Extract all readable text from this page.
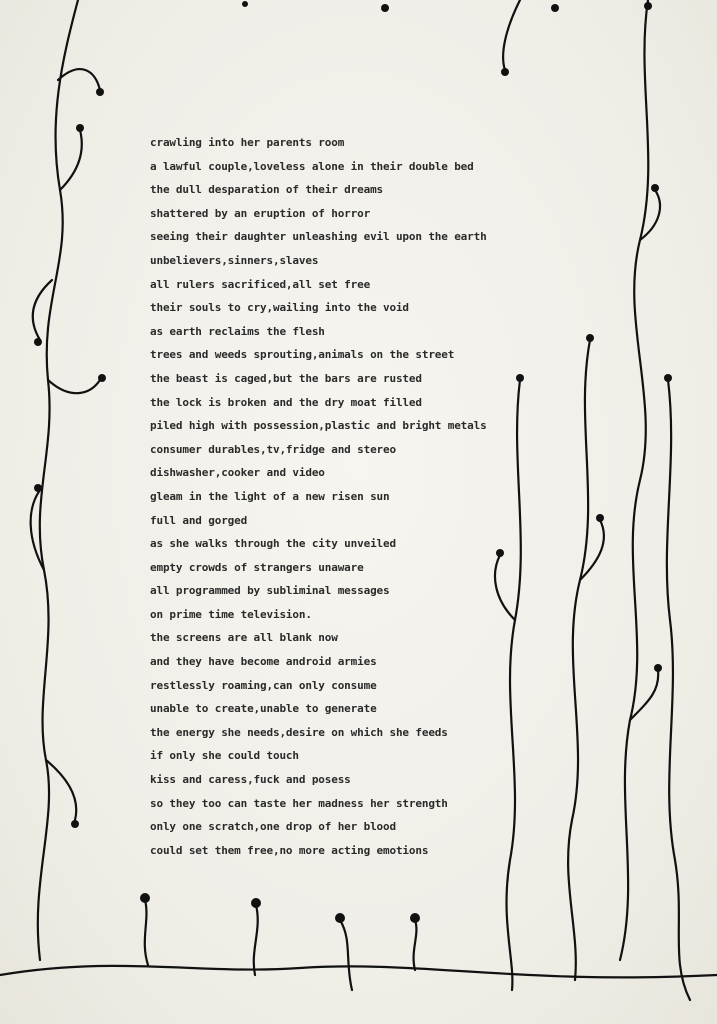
crawling into her parents room
a lawful couple,loveless alone in their double bed
the dull desparation of their dreams
shattered by an eruption of horror
seeing their daughter unleashing evil upon the earth
unbelievers,sinners,slaves
all rulers sacrificed,all set free
their souls to cry,wailing into the void
as earth reclaims the flesh
trees and weeds sprouting,animals on the street
the beast is caged,but the bars are rusted
the lock is broken and the dry moat filled
piled high with possession,plastic and bright metals
consumer durables,tv,fridge and stereo
dishwasher,cooker and video
gleam in the light of a new risen sun
full and gorged
as she walks through the city unveiled
empty crowds of strangers unaware
all programmed by subliminal messages
on prime time television.
the screens are all blank now
and they have become android armies
restlessly roaming,can only consume
unable to create,unable to generate
the energy she needs,desire on which she feeds
if only she could touch
kiss and caress,fuck and posess
so they too can taste her madness her strength
only one scratch,one drop of her blood
could set them free,no more acting emotions
